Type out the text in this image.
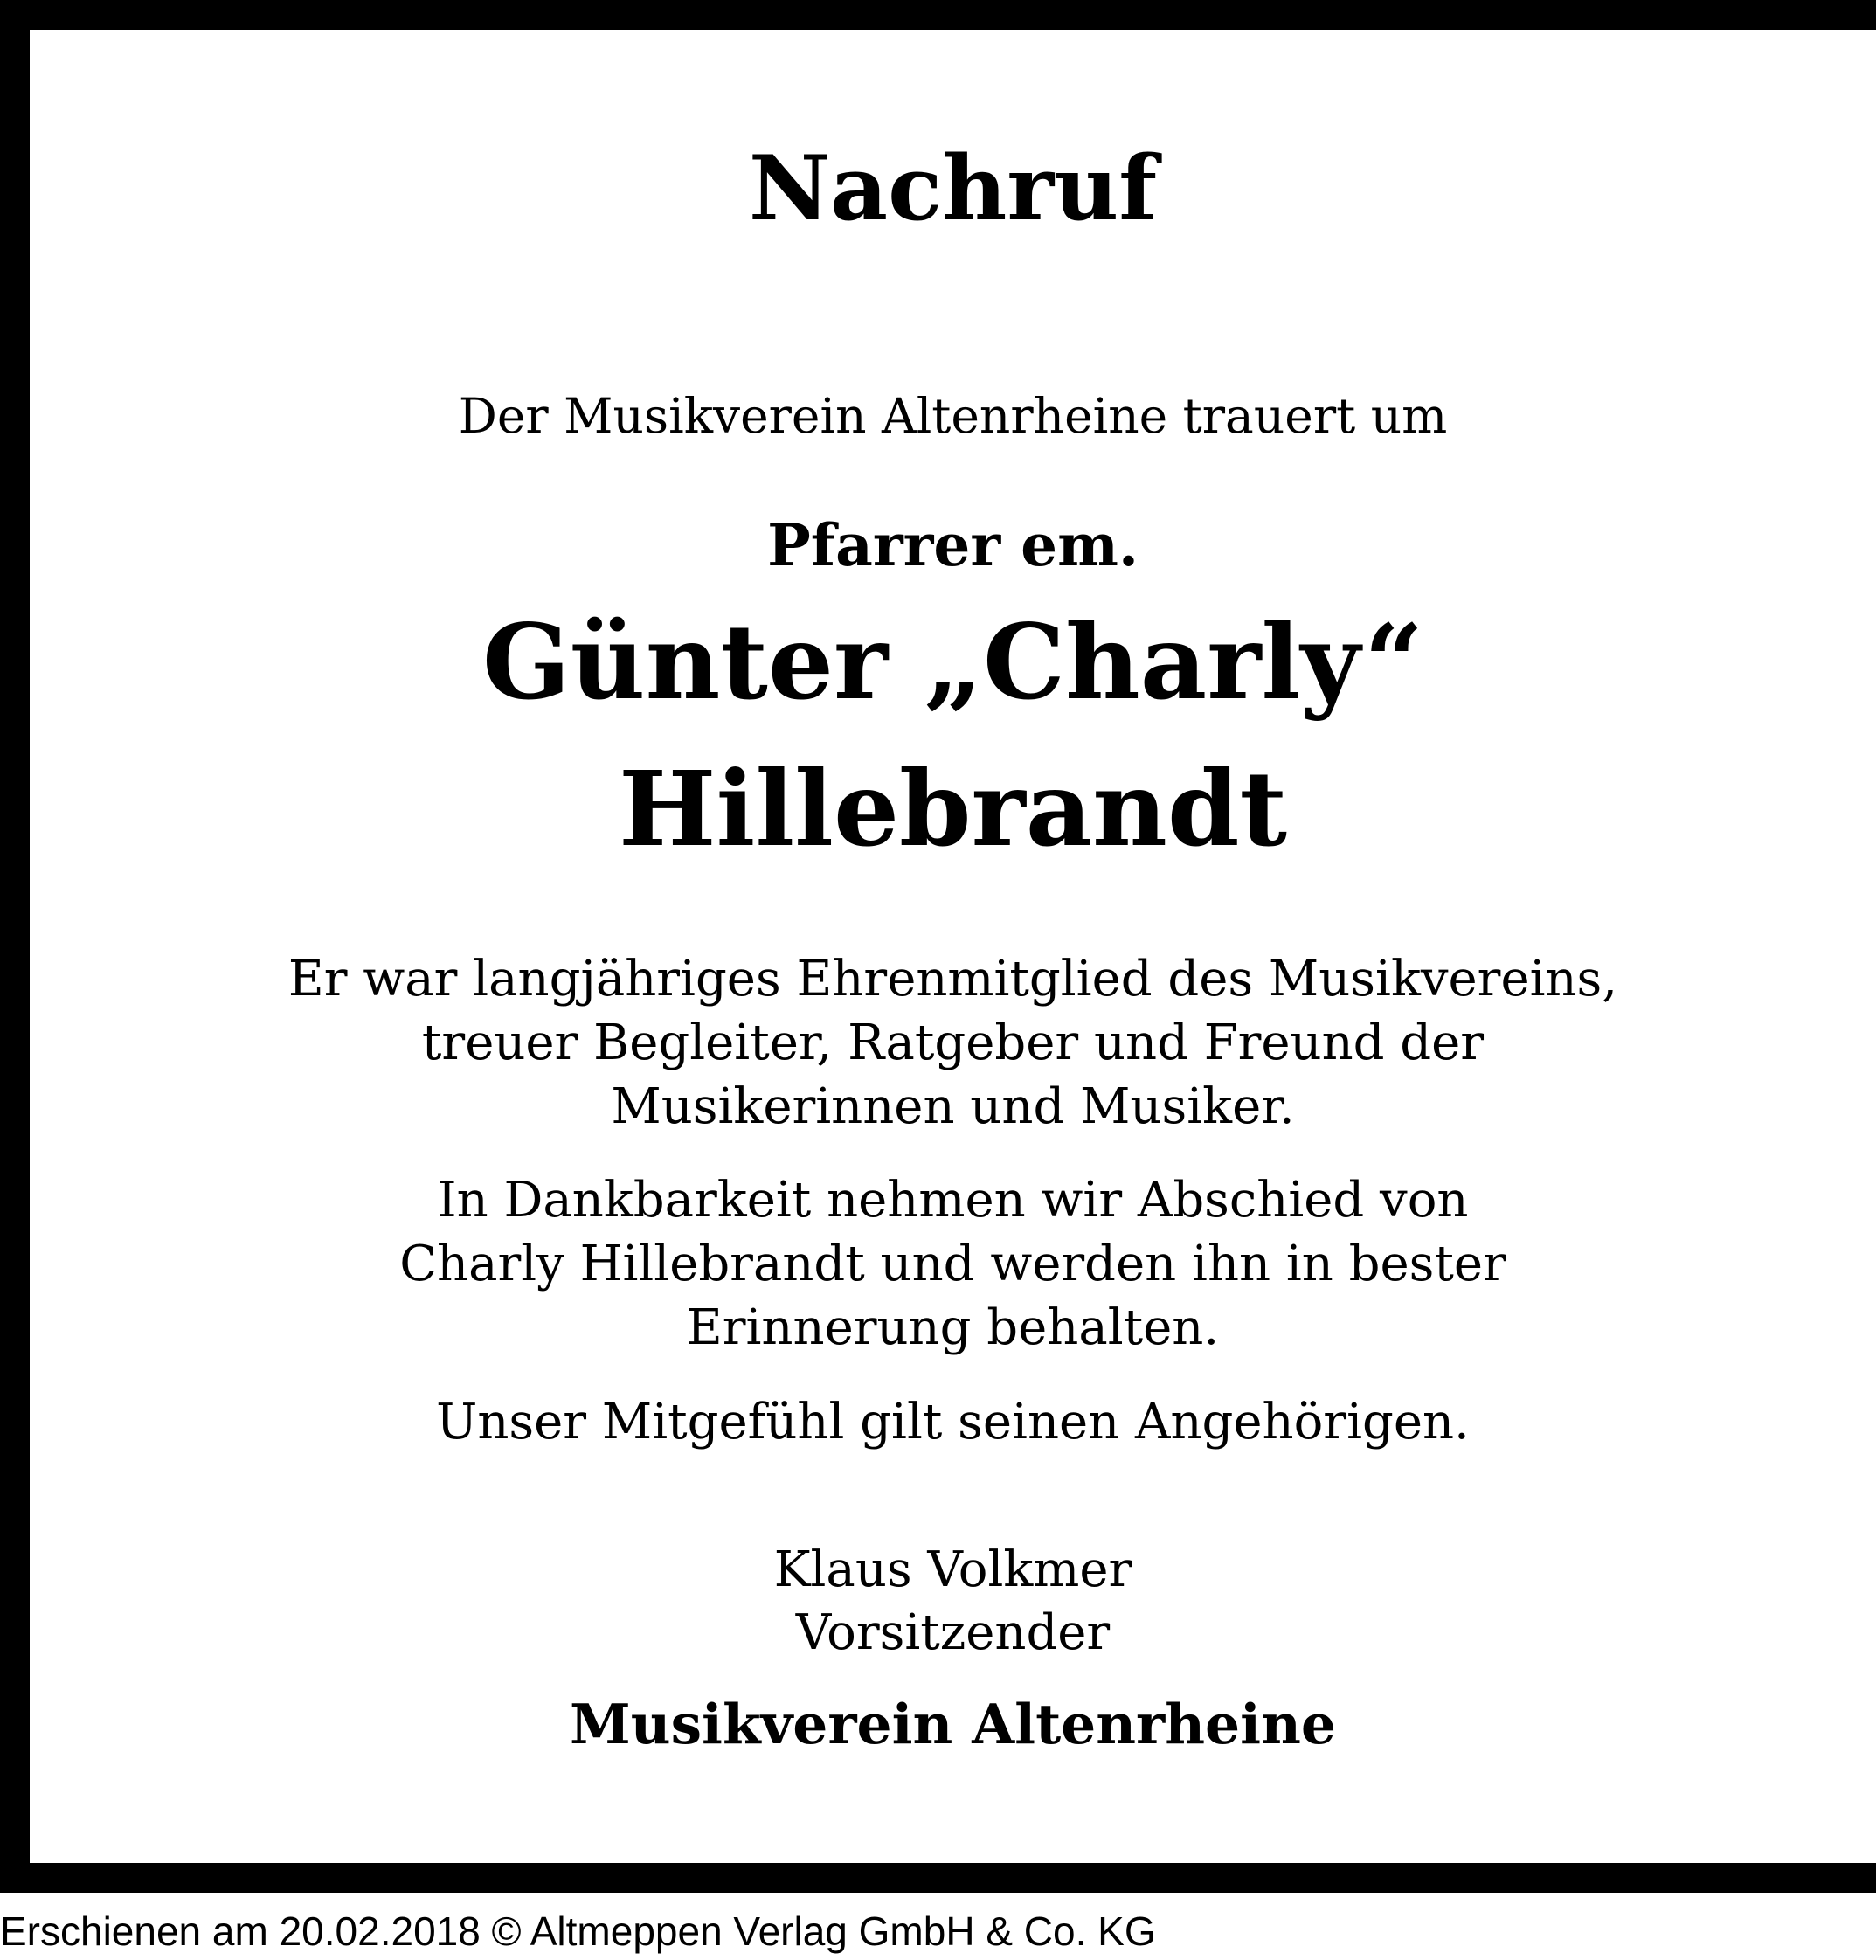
Nachruf

Der Musikverein Altenrheine trauert um

Pfarrer em.

Günter „Charly“
Hillebrandt

Er war langjähriges Ehrenmitglied des Musikvereins,
treuer Begleiter, Ratgeber und Freund der
Musikerinnen und Musiker.

In Dankbarkeit nehmen wir Abschied von
Charly Hillebrandt und werden ihn in bester
Erinnerung behalten.

Unser Mitgefühl gilt seinen Angehörigen.

Klaus Volkmer
Vorsitzender

Musikverein Altenrheine

Erschienen am 20.02.2018 © Altmeppen Verlag GmbH & Co. KG
